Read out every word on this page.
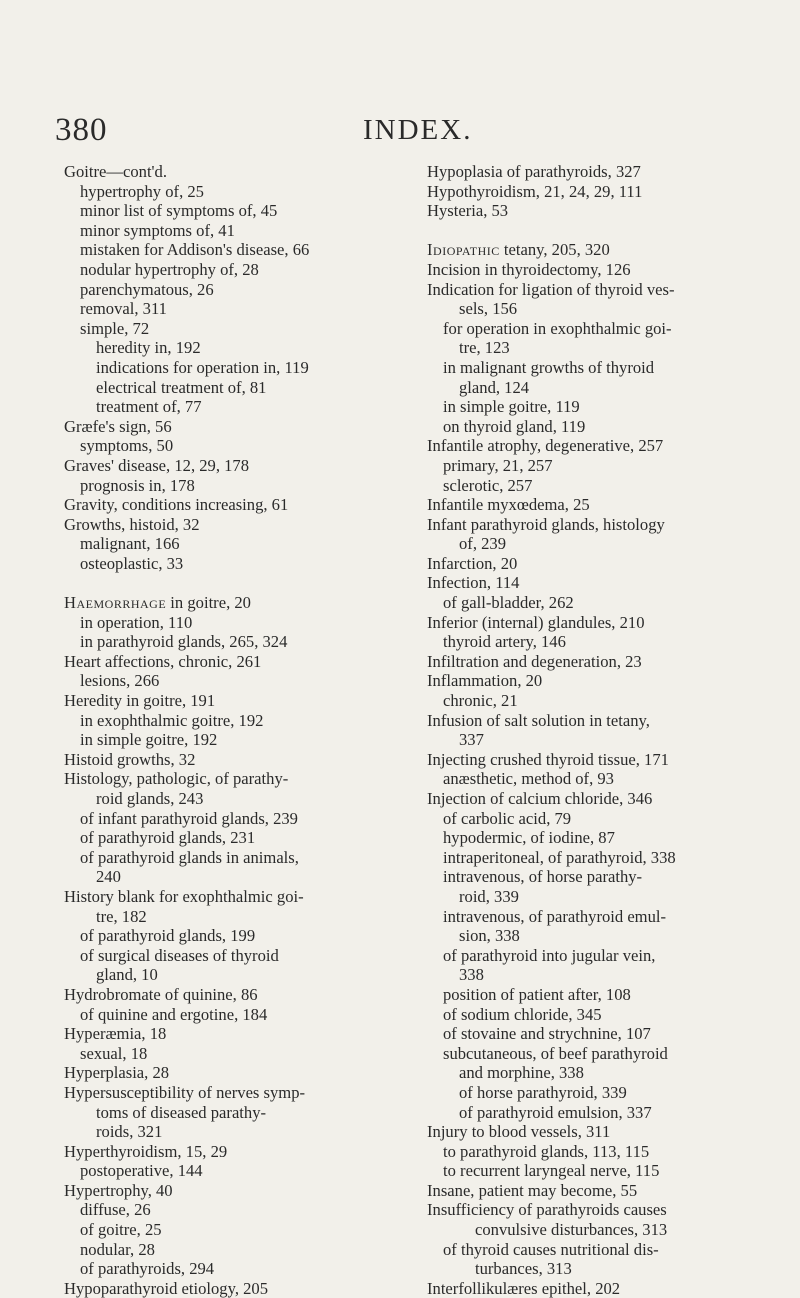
380	INDEX.
Goitre—cont'd.
hypertrophy of, 25
minor list of symptoms of, 45
minor symptoms of, 41
mistaken for Addison's disease, 66
nodular hypertrophy of, 28
parenchymatous, 26
removal, 311
simple, 72
heredity in, 192
indications for operation in, 119
electrical treatment of, 81
treatment of, 77
Græfe's sign, 56
symptoms, 50
Graves' disease, 12, 29, 178
prognosis in, 178
Gravity, conditions increasing, 61
Growths, histoid, 32
malignant, 166
osteoplastic, 33
Haemorrhage in goitre, 20
in operation, 110
in parathyroid glands, 265, 324
Heart affections, chronic, 261
lesions, 266
Heredity in goitre, 191
in exophthalmic goitre, 192
in simple goitre, 192
Histoid growths, 32
Histology, pathologic, of parathy-
roid glands, 243
of infant parathyroid glands, 239
of parathyroid glands, 231
of parathyroid glands in animals,
240
History blank for exophthalmic goi-
tre, 182
of parathyroid glands, 199
of surgical diseases of thyroid
gland, 10
Hydrobromate of quinine, 86
of quinine and ergotine, 184
Hyperæmia, 18
sexual, 18
Hyperplasia, 28
Hypersusceptibility of nerves symp-
toms of diseased parathy-
roids, 321
Hyperthyroidism, 15, 29
postoperative, 144
Hypertrophy, 40
diffuse, 26
of goitre, 25
nodular, 28
of parathyroids, 294
Hypoparathyroid etiology, 205
Hypoplasia of parathyroids, 327
Hypothyroidism, 21, 24, 29, 111
Hysteria, 53
Idiopathic tetany, 205, 320
Incision in thyroidectomy, 126
Indication for ligation of thyroid ves-
sels, 156
for operation in exophthalmic goi-
tre, 123
in malignant growths of thyroid
gland, 124
in simple goitre, 119
on thyroid gland, 119
Infantile atrophy, degenerative, 257
primary, 21, 257
sclerotic, 257
Infantile myxœdema, 25
Infant parathyroid glands, histology
of, 239
Infarction, 20
Infection, 114
of gall-bladder, 262
Inferior (internal) glandules, 210
thyroid artery, 146
Infiltration and degeneration, 23
Inflammation, 20
chronic, 21
Infusion of salt solution in tetany,
337
Injecting crushed thyroid tissue, 171
anæsthetic, method of, 93
Injection of calcium chloride, 346
of carbolic acid, 79
hypodermic, of iodine, 87
intraperitoneal, of parathyroid, 338
intravenous, of horse parathy-
roid, 339
intravenous, of parathyroid emul-
sion, 338
of parathyroid into jugular vein,
338
position of patient after, 108
of sodium chloride, 345
of stovaine and strychnine, 107
subcutaneous, of beef parathyroid
and morphine, 338
of horse parathyroid, 339
of parathyroid emulsion, 337
Injury to blood vessels, 311
to parathyroid glands, 113, 115
to recurrent laryngeal nerve, 115
Insane, patient may become, 55
Insufficiency of parathyroids causes
convulsive disturbances, 313
of thyroid causes nutritional dis-
turbances, 313
Interfollikulæres epithel, 202
